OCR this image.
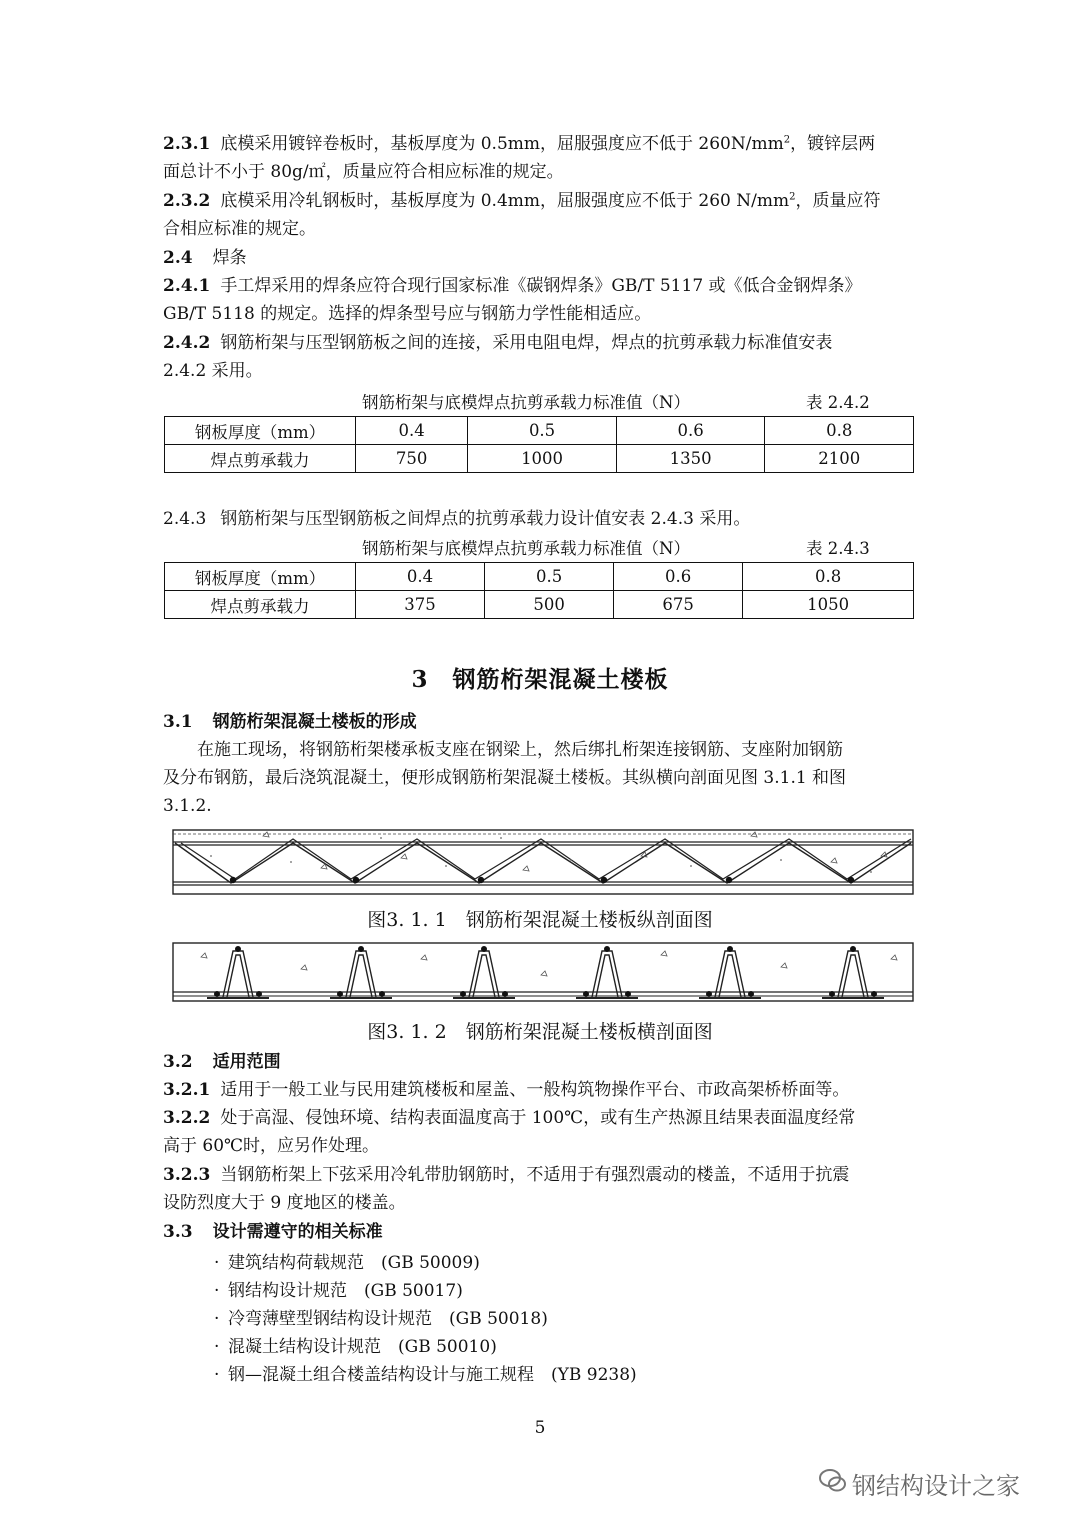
2.3.1 底模采用镀锌卷板时，基板厚度为 0.5mm，屈服强度应不低于 $260N/mm^2$，镀锌层两
面总计不小于 80g/㎡，质量应符合相应标准的规定。

2.3.2 底模采用冷轧钢板时，基板厚度为 0.4mm，屈服强度应不低于 260 $N/mm^2$，质量应符
合相应标准的规定。

2.4 焊条

2.4.1 手工焊采用的焊条应符合现行国家标准《碳钢焊条》GB/T 5117 或《低合金钢焊条》
GB/T 5118 的规定。选择的焊条型号应与钢筋力学性能相适应。

2.4.2 钢筋桁架与压型钢筋板之间的连接，采用电阻电焊，焊点的抗剪承载力标准值安表
2.4.2 采用。

钢筋桁架与底模焊点抗剪承载力标准值（N）	表 2.4.2
钢板厚度（mm）	0.4	0.5	0.6	0.8
焊点剪承载力	750	1000	1350	2100

2.4.3 钢筋桁架与压型钢筋板之间焊点的抗剪承载力设计值安表 2.4.3 采用。

钢筋桁架与底模焊点抗剪承载力标准值（N）	表 2.4.3
钢板厚度（mm）	0.4	0.5	0.6	0.8
焊点剪承载力	375	500	675	1050
3　钢筋桁架混凝土楼板

3.1 钢筋桁架混凝土楼板的形成

在施工现场，将钢筋桁架楼承板支座在钢梁上，然后绑扎桁架连接钢筋、支座附加钢筋
及分布钢筋，最后浇筑混凝土，便形成钢筋桁架混凝土楼板。其纵横向剖面见图 3.1.1 和图
3.1.2.

图3. 1. 1　钢筋桁架混凝土楼板纵剖面图
图3. 1. 2　钢筋桁架混凝土楼板横剖面图

3.2 适用范围

3.2.1 适用于一般工业与民用建筑楼板和屋盖、一般构筑物操作平台、市政高架桥桥面等。

3.2.2 处于高湿、侵蚀环境、结构表面温度高于 100℃，或有生产热源且结果表面温度经常
高于 60℃时，应另作处理。

3.2.3 当钢筋桁架上下弦采用冷轧带肋钢筋时，不适用于有强烈震动的楼盖，不适用于抗震
设防烈度大于 9 度地区的楼盖。

3.3 设计需遵守的相关标准

· 建筑结构荷载规范　(GB 50009)
· 钢结构设计规范　(GB 50017)
· 冷弯薄壁型钢结构设计规范　(GB 50018)
· 混凝土结构设计规范　(GB 50010)
· 钢—混凝土组合楼盖结构设计与施工规程　(YB 9238)
5
钢结构设计之家
